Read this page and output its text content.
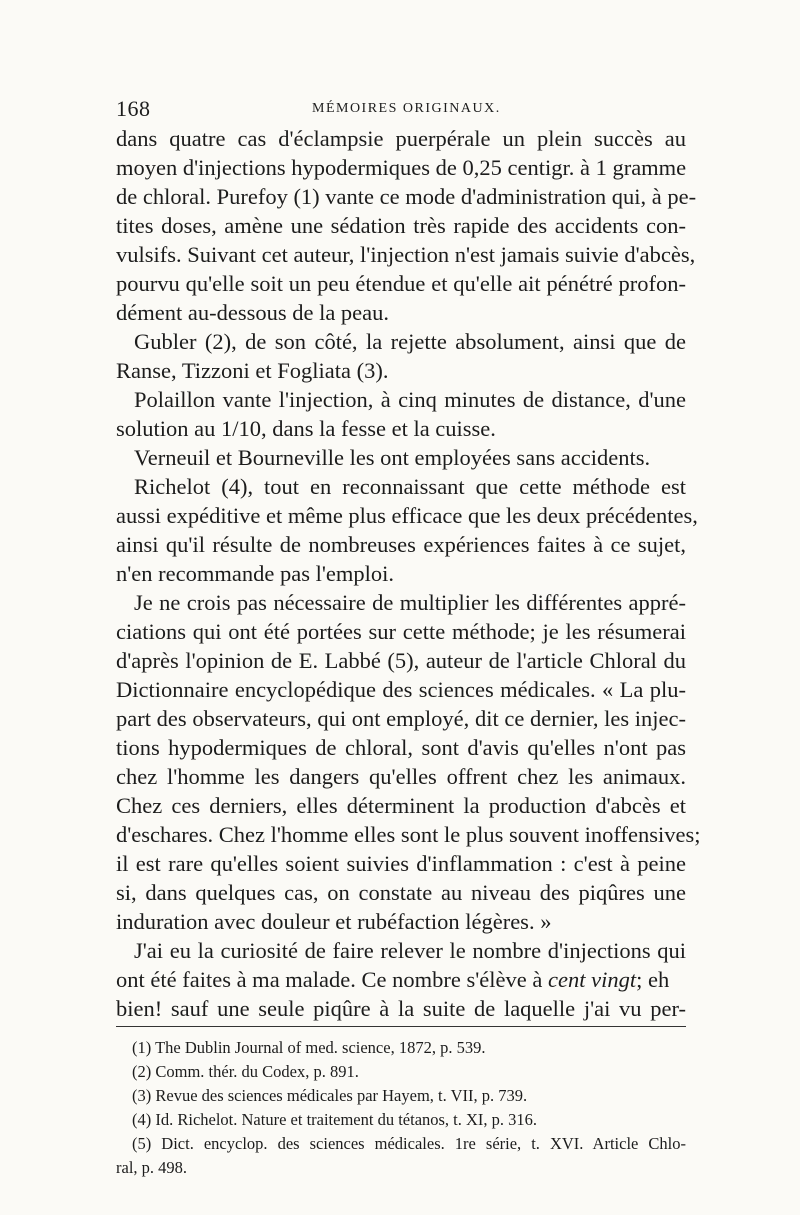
168	MÉMOIRES ORIGINAUX.
dans quatre cas d'éclampsie puerpérale un plein succès au
moyen d'injections hypodermiques de 0,25 centigr. à 1 gramme
de chloral. Purefoy (1) vante ce mode d'administration qui, à pe-
tites doses, amène une sédation très rapide des accidents con-
vulsifs. Suivant cet auteur, l'injection n'est jamais suivie d'abcès,
pourvu qu'elle soit un peu étendue et qu'elle ait pénétré profon-
dément au-dessous de la peau.
Gubler (2), de son côté, la rejette absolument, ainsi que de
Ranse, Tizzoni et Fogliata (3).
Polaillon vante l'injection, à cinq minutes de distance, d'une
solution au 1/10, dans la fesse et la cuisse.
Verneuil et Bourneville les ont employées sans accidents.
Richelot (4), tout en reconnaissant que cette méthode est
aussi expéditive et même plus efficace que les deux précédentes,
ainsi qu'il résulte de nombreuses expériences faites à ce sujet,
n'en recommande pas l'emploi.
Je ne crois pas nécessaire de multiplier les différentes appré-
ciations qui ont été portées sur cette méthode; je les résumerai
d'après l'opinion de E. Labbé (5), auteur de l'article Chloral du
Dictionnaire encyclopédique des sciences médicales. « La plu-
part des observateurs, qui ont employé, dit ce dernier, les injec-
tions hypodermiques de chloral, sont d'avis qu'elles n'ont pas
chez l'homme les dangers qu'elles offrent chez les animaux.
Chez ces derniers, elles déterminent la production d'abcès et
d'eschares. Chez l'homme elles sont le plus souvent inoffensives;
il est rare qu'elles soient suivies d'inflammation : c'est à peine
si, dans quelques cas, on constate au niveau des piqûres une
induration avec douleur et rubéfaction légères. »
J'ai eu la curiosité de faire relever le nombre d'injections qui
ont été faites à ma malade. Ce nombre s'élève à cent vingt; eh
bien! sauf une seule piqûre à la suite de laquelle j'ai vu per-
(1) The Dublin Journal of med. science, 1872, p. 539.
(2) Comm. thér. du Codex, p. 891.
(3) Revue des sciences médicales par Hayem, t. VII, p. 739.
(4) Id. Richelot. Nature et traitement du tétanos, t. XI, p. 316.
(5) Dict. encyclop. des sciences médicales. 1re série, t. XVI. Article Chlo-
ral, p. 498.
